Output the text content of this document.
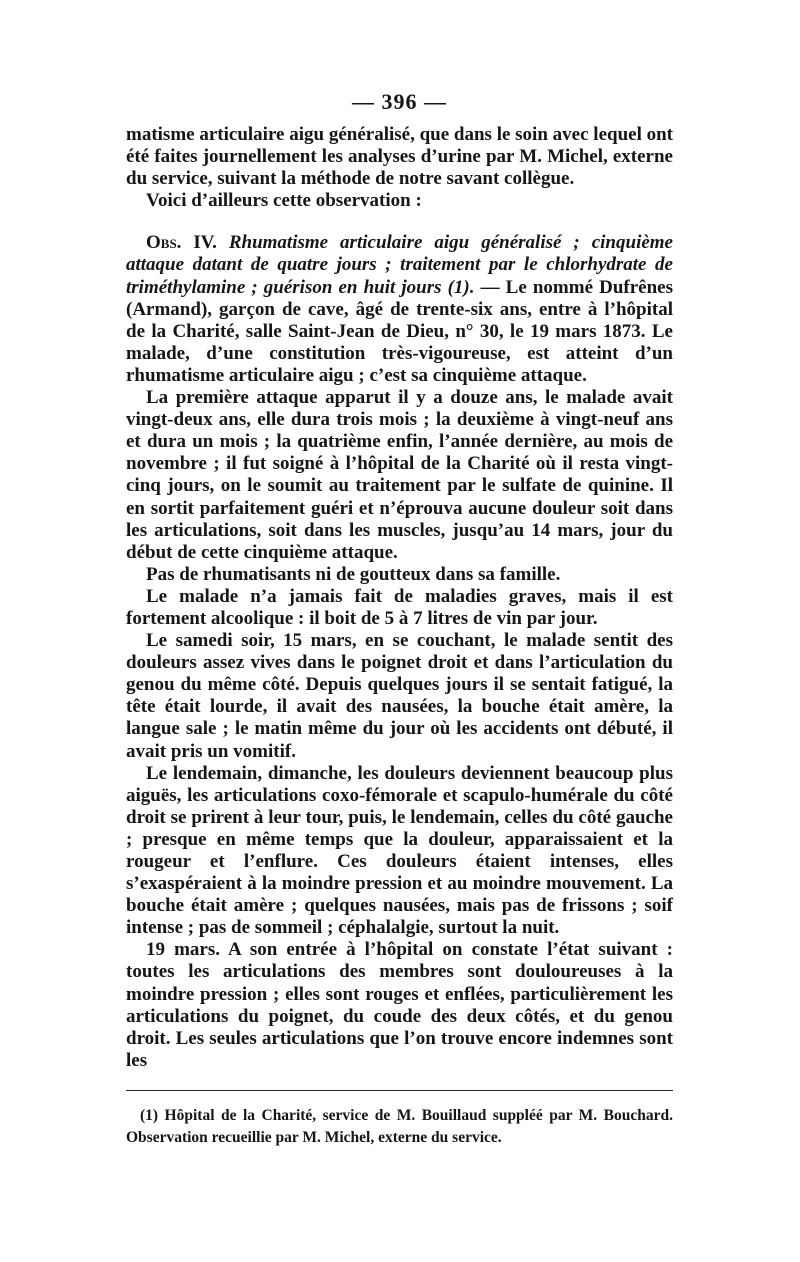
— 396 —

matisme articulaire aigu généralisé, que dans le soin avec lequel ont été faites journellement les analyses d’urine par M. Michel, externe du service, suivant la méthode de notre savant collègue.

Voici d’ailleurs cette observation :

Obs. IV. Rhumatisme articulaire aigu généralisé ; cinquième attaque datant de quatre jours ; traitement par le chlorhydrate de triméthylamine ; guérison en huit jours (1). — Le nommé Dufrênes (Armand), garçon de cave, âgé de trente-six ans, entre à l’hôpital de la Charité, salle Saint-Jean de Dieu, n° 30, le 19 mars 1873. Le malade, d’une constitution très-vigoureuse, est atteint d’un rhumatisme articulaire aigu ; c’est sa cinquième attaque.

La première attaque apparut il y a douze ans, le malade avait vingt-deux ans, elle dura trois mois ; la deuxième à vingt-neuf ans et dura un mois ; la quatrième enfin, l’année dernière, au mois de novembre ; il fut soigné à l’hôpital de la Charité où il resta vingt-cinq jours, on le soumit au traitement par le sulfate de quinine. Il en sortit parfaitement guéri et n’éprouva aucune douleur soit dans les articulations, soit dans les muscles, jusqu’au 14 mars, jour du début de cette cinquième attaque.

Pas de rhumatisants ni de goutteux dans sa famille.

Le malade n’a jamais fait de maladies graves, mais il est fortement alcoolique : il boit de 5 à 7 litres de vin par jour.

Le samedi soir, 15 mars, en se couchant, le malade sentit des douleurs assez vives dans le poignet droit et dans l’articulation du genou du même côté. Depuis quelques jours il se sentait fatigué, la tête était lourde, il avait des nausées, la bouche était amère, la langue sale ; le matin même du jour où les accidents ont débuté, il avait pris un vomitif.

Le lendemain, dimanche, les douleurs deviennent beaucoup plus aiguës, les articulations coxo-fémorale et scapulo-humérale du côté droit se prirent à leur tour, puis, le lendemain, celles du côté gauche ; presque en même temps que la douleur, apparaissaient et la rougeur et l’enflure. Ces douleurs étaient intenses, elles s’exaspéraient à la moindre pression et au moindre mouvement. La bouche était amère ; quelques nausées, mais pas de frissons ; soif intense ; pas de sommeil ; céphalalgie, surtout la nuit.

19 mars. A son entrée à l’hôpital on constate l’état suivant : toutes les articulations des membres sont douloureuses à la moindre pression ; elles sont rouges et enflées, particulièrement les articulations du poignet, du coude des deux côtés, et du genou droit. Les seules articulations que l’on trouve encore indemnes sont les

(1) Hôpital de la Charité, service de M. Bouillaud suppléé par M. Bouchard. Observation recueillie par M. Michel, externe du service.
